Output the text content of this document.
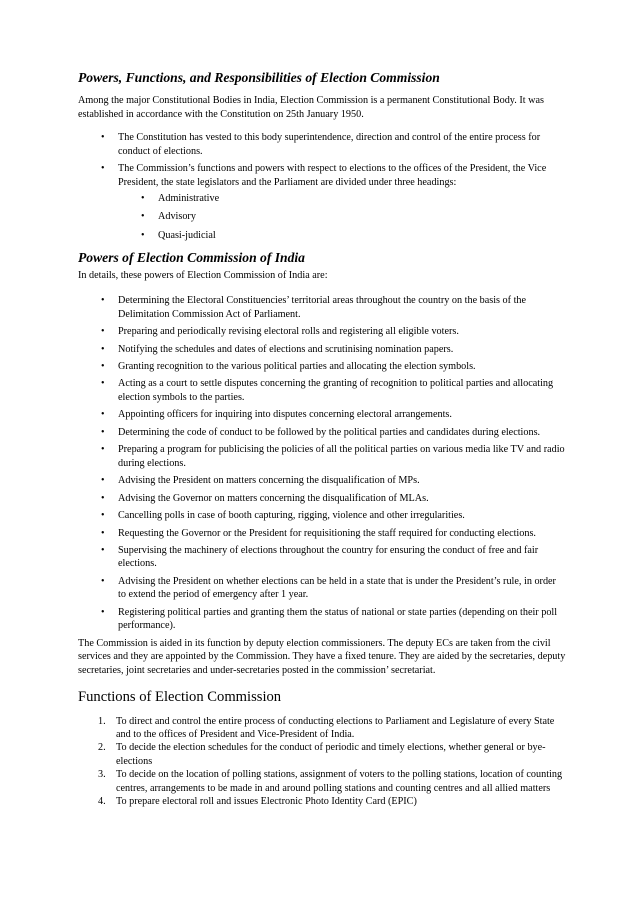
Powers, Functions, and Responsibilities of Election Commission

Among the major Constitutional Bodies in India, Election Commission is a permanent Constitutional Body. It was established in accordance with the Constitution on 25th January 1950.

• The Constitution has vested to this body superintendence, direction and control of the entire process for conduct of elections.
• The Commission’s functions and powers with respect to elections to the offices of the President, the Vice President, the state legislators and the Parliament are divided under three headings:
• Administrative
• Advisory
• Quasi-judicial
Powers of Election Commission of India

In details, these powers of Election Commission of India are:

• Determining the Electoral Constituencies’ territorial areas throughout the country on the basis of the Delimitation Commission Act of Parliament.
• Preparing and periodically revising electoral rolls and registering all eligible voters.
• Notifying the schedules and dates of elections and scrutinising nomination papers.
• Granting recognition to the various political parties and allocating the election symbols.
• Acting as a court to settle disputes concerning the granting of recognition to political parties and allocating election symbols to the parties.
• Appointing officers for inquiring into disputes concerning electoral arrangements.
• Determining the code of conduct to be followed by the political parties and candidates during elections.
• Preparing a program for publicising the policies of all the political parties on various media like TV and radio during elections.
• Advising the President on matters concerning the disqualification of MPs.
• Advising the Governor on matters concerning the disqualification of MLAs.
• Cancelling polls in case of booth capturing, rigging, violence and other irregularities.
• Requesting the Governor or the President for requisitioning the staff required for conducting elections.
• Supervising the machinery of elections throughout the country for ensuring the conduct of free and fair elections.
• Advising the President on whether elections can be held in a state that is under the President’s rule, in order to extend the period of emergency after 1 year.
• Registering political parties and granting them the status of national or state parties (depending on their poll performance).

The Commission is aided in its function by deputy election commissioners. The deputy ECs are taken from the civil services and they are appointed by the Commission. They have a fixed tenure. They are aided by the secretaries, deputy secretaries, joint secretaries and under-secretaries posted in the commission’ secretariat.

Functions of Election Commission
1. To direct and control the entire process of conducting elections to Parliament and Legislature of every State and to the offices of President and Vice-President of India.
2. To decide the election schedules for the conduct of periodic and timely elections, whether general or bye-elections
3. To decide on the location of polling stations, assignment of voters to the polling stations, location of counting centres, arrangements to be made in and around polling stations and counting centres and all allied matters
4. To prepare electoral roll and issues Electronic Photo Identity Card (EPIC)
